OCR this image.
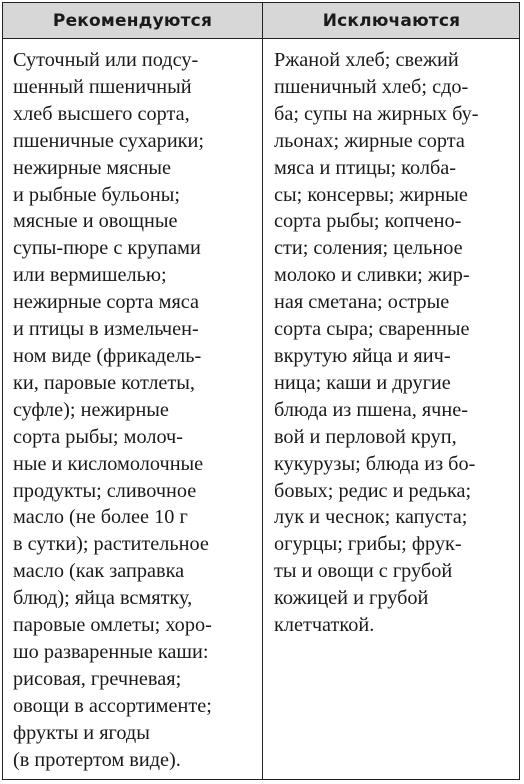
Рекомендуются	Исключаются
Суточный или подсу-
шенный пшеничный
хлеб высшего сорта,
пшеничные сухарики;
нежирные мясные
и рыбные бульоны;
мясные и овощные
супы-пюре с крупами
или вермишелью;
нежирные сорта мяса
и птицы в измельчен-
ном виде (фрикадель-
ки, паровые котлеты,
суфле); нежирные
сорта рыбы; молоч-
ные и кисломолочные
продукты; сливочное
масло (не более 10 г
в сутки); растительное
масло (как заправка
блюд); яйца всмятку,
паровые омлеты; хоро-
шо разваренные каши:
рисовая, гречневая;
овощи в ассортименте;
фрукты и ягоды
(в протертом виде).
Ржаной хлеб; свежий
пшеничный хлеб; сдо-
ба; супы на жирных бу-
льонах; жирные сорта
мяса и птицы; колба-
сы; консервы; жирные
сорта рыбы; копчено-
сти; соления; цельное
молоко и сливки; жир-
ная сметана; острые
сорта сыра; сваренные
вкрутую яйца и яич-
ница; каши и другие
блюда из пшена, ячне-
вой и перловой круп,
кукурузы; блюда из бо-
бовых; редис и редька;
лук и чеснок; капуста;
огурцы; грибы; фрук-
ты и овощи с грубой
кожицей и грубой
клетчаткой.
